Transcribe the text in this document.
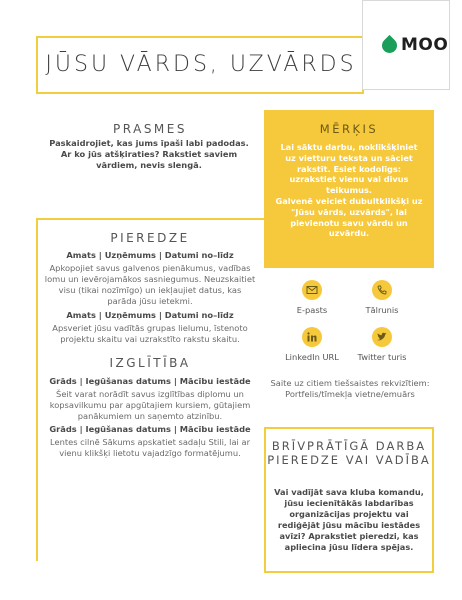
JŪSU VĀRDS, UZVĀRDS
MOO
PRASMES
Paskaidrojiet, kas jums īpaši labi padodas. Ar ko jūs atšķiraties? Rakstiet saviem vārdiem, nevis slengā.
MĒRĶIS
Lai sāktu darbu, noklikšķiniet uz vietturu teksta un sāciet rakstīt. Esiet kodolīgs: uzrakstiet vienu vai divus teikumus.
Galvenē veiciet dubultklikšķi uz "Jūsu vārds, uzvārds", lai pievienotu savu vārdu un uzvārdu.
PIEREDZE
Amats | Uzņēmums | Datumi no–līdz
Apkopojiet savus galvenos pienākumus, vadības lomu un ievērojamākos sasniegumus. Neuzskaitiet visu (tikai nozīmīgo) un iekļaujiet datus, kas parāda jūsu ietekmi.
Amats | Uzņēmums | Datumi no–līdz
Apsveriet jūsu vadītās grupas lielumu, īstenoto projektu skaitu vai uzrakstīto rakstu skaitu.
IZGLĪTĪBA
Grāds | Iegūšanas datums | Mācību iestāde
Šeit varat norādīt savus izglītības diplomu un kopsavilkumu par apgūtajiem kursiem, gūtajiem panākumiem un saņemto atzinību.
Grāds | Iegūšanas datums | Mācību iestāde
Lentes cilnē Sākums apskatiet sadaļu Stili, lai ar vienu klikšķi lietotu vajadzīgo formatējumu.
E-pasts	Tālrunis
LinkedIn URL	Twitter turis
Saite uz citiem tiešsaistes rekvizītiem: Portfelis/tīmekļa vietne/emuārs
BRĪVPRĀTĪGĀ DARBA PIEREDZE VAI VADĪBA
Vai vadījāt sava kluba komandu, jūsu iecienītākās labdarības organizācijas projektu vai rediģējāt jūsu mācību iestādes avīzi? Aprakstiet pieredzi, kas apliecina jūsu līdera spējas.
